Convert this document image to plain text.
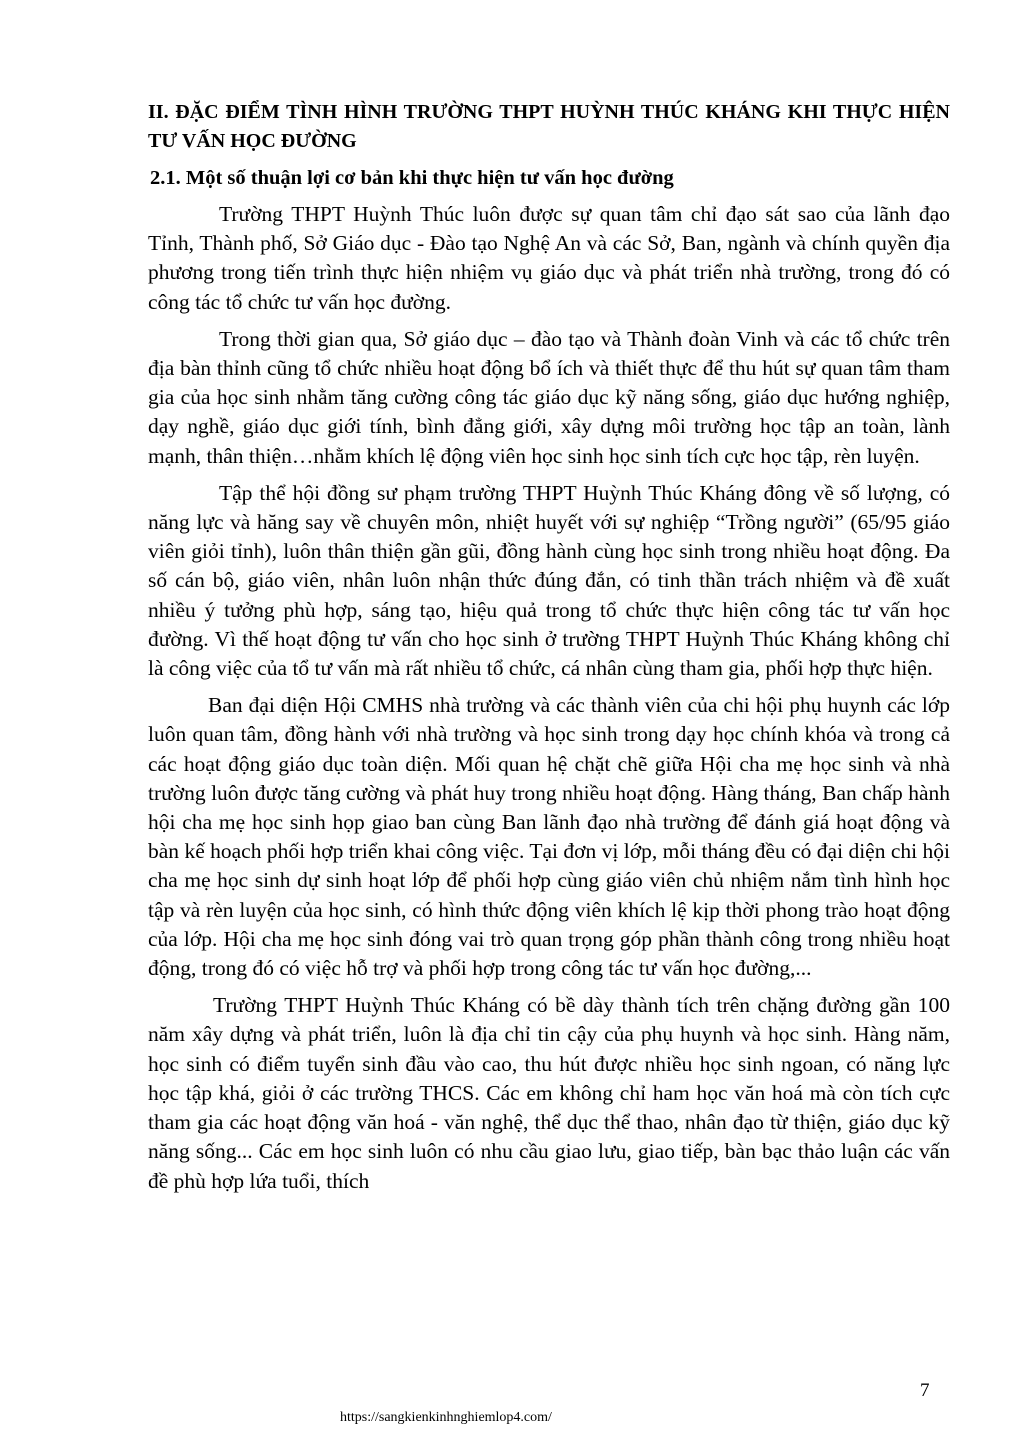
II. ĐẶC ĐIỂM TÌNH HÌNH TRƯỜNG THPT HUỲNH THÚC KHÁNG KHI THỰC HIỆN TƯ VẤN HỌC ĐƯỜNG

2.1. Một số thuận lợi cơ bản khi thực hiện tư vấn học đường

Trường THPT Huỳnh Thúc luôn được sự quan tâm chỉ đạo sát sao của lãnh đạo Tỉnh, Thành phố, Sở Giáo dục - Đào tạo Nghệ An và các Sở, Ban, ngành và chính quyền địa phương trong tiến trình thực hiện nhiệm vụ giáo dục và phát triển nhà trường, trong đó có công tác tổ chức tư vấn học đường.

Trong thời gian qua, Sở giáo dục – đào tạo và Thành đoàn Vinh và các tổ chức trên địa bàn thỉnh cũng tổ chức nhiều hoạt động bổ ích và thiết thực để thu hút sự quan tâm tham gia của học sinh nhằm tăng cường công tác giáo dục kỹ năng sống, giáo dục hướng nghiệp, dạy nghề, giáo dục giới tính, bình đẳng giới, xây dựng môi trường học tập an toàn, lành mạnh, thân thiện…nhằm khích lệ động viên học sinh học sinh tích cực học tập, rèn luyện.

Tập thể hội đồng sư phạm trường THPT Huỳnh Thúc Kháng đông về số lượng, có năng lực và hăng say về chuyên môn, nhiệt huyết với sự nghiệp “Trồng người” (65/95 giáo viên giỏi tỉnh), luôn thân thiện gần gũi, đồng hành cùng học sinh trong nhiều hoạt động. Đa số cán bộ, giáo viên, nhân luôn nhận thức đúng đắn, có tinh thần trách nhiệm và đề xuất nhiều ý tưởng phù hợp, sáng tạo, hiệu quả trong tổ chức thực hiện công tác tư vấn học đường. Vì thế hoạt động tư vấn cho học sinh ở trường THPT Huỳnh Thúc Kháng không chỉ là công việc của tổ tư vấn mà rất nhiều tổ chức, cá nhân cùng tham gia, phối hợp thực hiện.

Ban đại diện Hội CMHS nhà trường và các thành viên của chi hội phụ huynh các lớp luôn quan tâm, đồng hành với nhà trường và học sinh trong dạy học chính khóa và trong cả các hoạt động giáo dục toàn diện. Mối quan hệ chặt chẽ giữa Hội cha mẹ học sinh và nhà trường luôn được tăng cường và phát huy trong nhiều hoạt động. Hàng tháng, Ban chấp hành hội cha mẹ học sinh họp giao ban cùng Ban lãnh đạo nhà trường để đánh giá hoạt động và bàn kế hoạch phối hợp triển khai công việc. Tại đơn vị lớp, mỗi tháng đều có đại diện chi hội cha mẹ học sinh dự sinh hoạt lớp để phối hợp cùng giáo viên chủ nhiệm nắm tình hình học tập và rèn luyện của học sinh, có hình thức động viên khích lệ kịp thời phong trào hoạt động của lớp. Hội cha mẹ học sinh đóng vai trò quan trọng góp phần thành công trong nhiều hoạt động, trong đó có việc hỗ trợ và phối hợp trong công tác tư vấn học đường,...

Trường THPT Huỳnh Thúc Kháng có bề dày thành tích trên chặng đường gần 100 năm xây dựng và phát triển, luôn là địa chỉ tin cậy của phụ huynh và học sinh. Hàng năm, học sinh có điểm tuyển sinh đầu vào cao, thu hút được nhiều học sinh ngoan, có năng lực học tập khá, giỏi ở các trường THCS. Các em không chỉ ham học văn hoá mà còn tích cực tham gia các hoạt động văn hoá - văn nghệ, thể dục thể thao, nhân đạo từ thiện, giáo dục kỹ năng sống... Các em học sinh luôn có nhu cầu giao lưu, giao tiếp, bàn bạc thảo luận các vấn đề phù hợp lứa tuổi, thích

7
https://sangkienkinhnghiemlop4.com/
